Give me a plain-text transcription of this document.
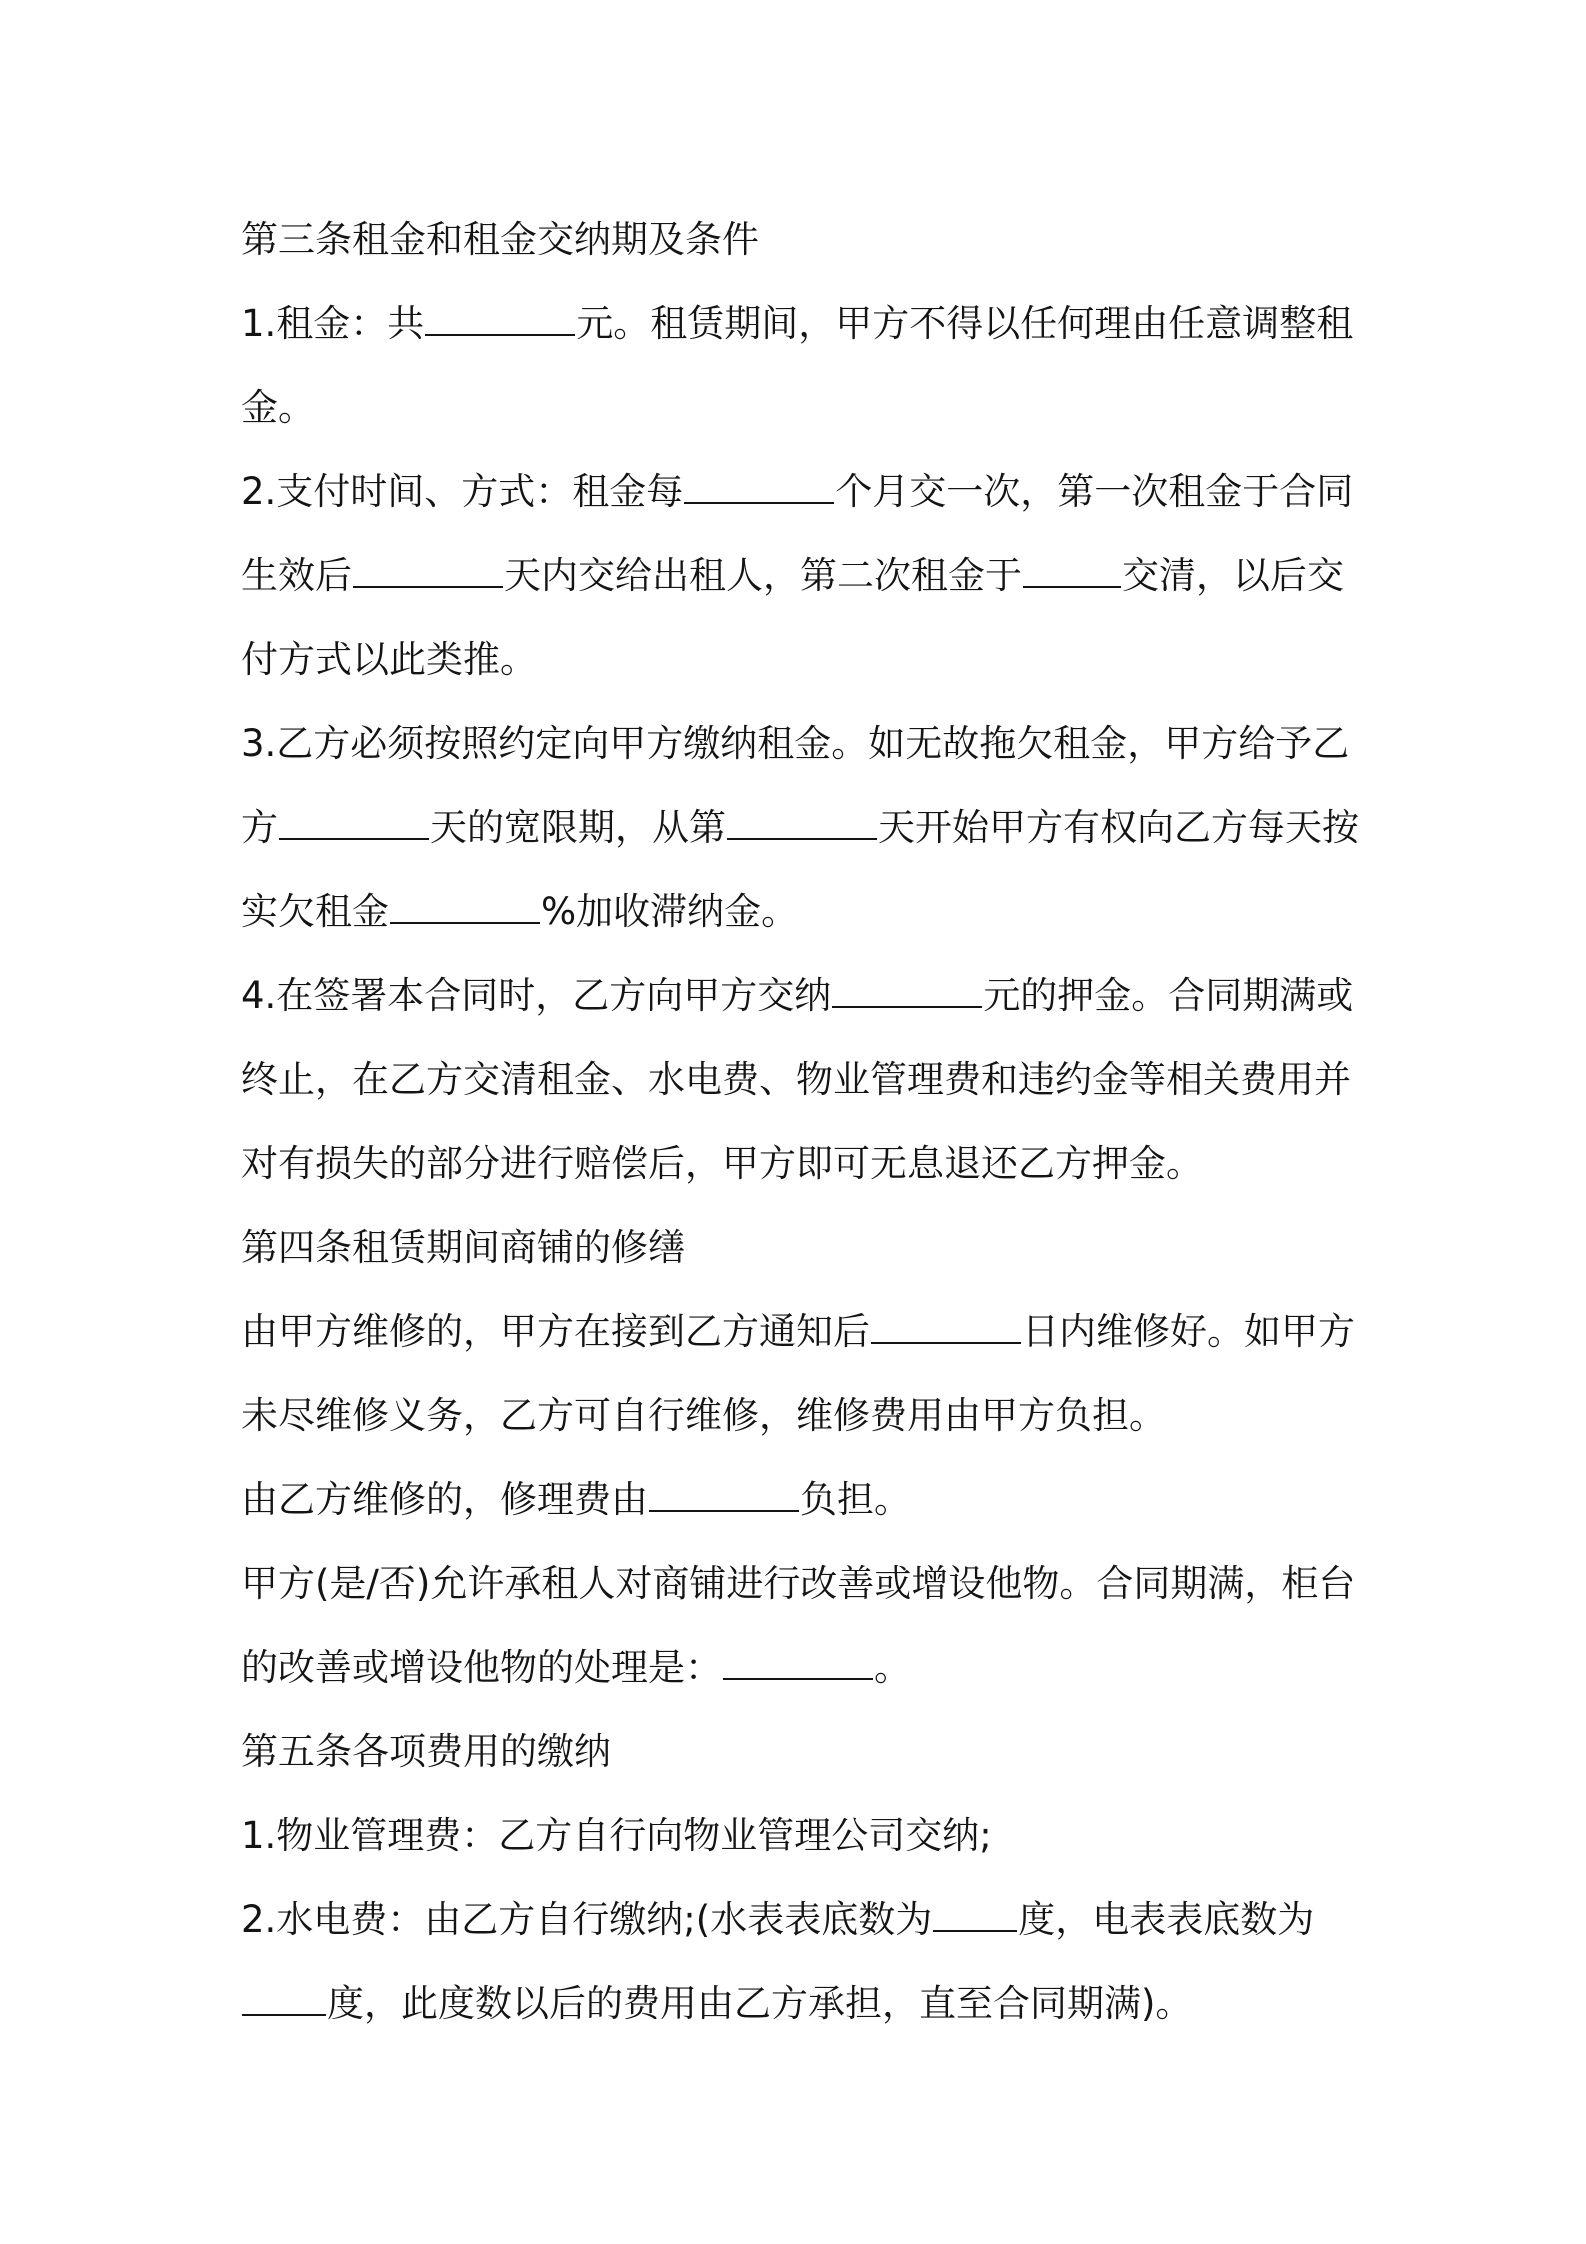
第三条租金和租金交纳期及条件
1.租金：共	元。租赁期间，甲方不得以任何理由任意调整租
金。
2.支付时间、方式：租金每	个月交一次，第一次租金于合同
生效后	天内交给出租人，第二次租金于	交清，以后交
付方式以此类推。
3.乙方必须按照约定向甲方缴纳租金。如无故拖欠租金，甲方给予乙
方	天的宽限期，从第	天开始甲方有权向乙方每天按
实欠租金	%加收滞纳金。
4.在签署本合同时，乙方向甲方交纳	元的押金。合同期满或
终止，在乙方交清租金、水电费、物业管理费和违约金等相关费用并
对有损失的部分进行赔偿后，甲方即可无息退还乙方押金。
第四条租赁期间商铺的修缮
由甲方维修的，甲方在接到乙方通知后	日内维修好。如甲方
未尽维修义务，乙方可自行维修，维修费用由甲方负担。
由乙方维修的，修理费由	负担。
甲方(是/否)允许承租人对商铺进行改善或增设他物。合同期满，柜台
的改善或增设他物的处理是：	。
第五条各项费用的缴纳
1.物业管理费：乙方自行向物业管理公司交纳;
2.水电费：由乙方自行缴纳;(水表表底数为 度，电表表底数为
度，此度数以后的费用由乙方承担，直至合同期满)。
